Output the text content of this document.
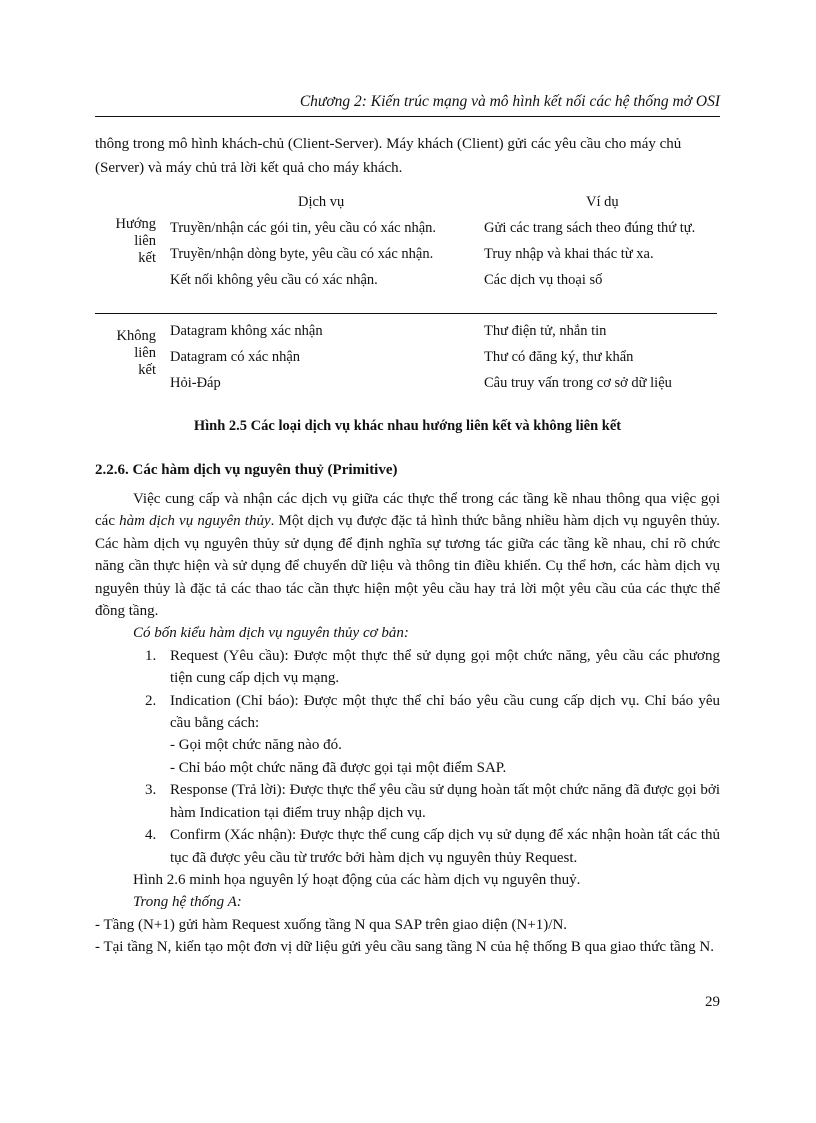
Chương 2: Kiến trúc mạng và mô hình kết nối các hệ thống mở OSI

thông trong mô hình khách-chủ (Client-Server). Máy khách (Client) gửi các yêu cầu cho máy chủ
(Server) và máy chủ trả lời kết quả cho máy khách.

Dịch vụ	Ví dụ
Hướng
liên
kết
Truyền/nhận các gói tin, yêu cầu có xác nhận.	Gửi các trang sách theo đúng thứ tự.
Truyền/nhận dòng byte, yêu cầu có xác nhận.	Truy nhập và khai thác từ xa.
Kết nối không yêu cầu có xác nhận.	Các dịch vụ thoại số
Không
liên
kết
Datagram không xác nhận	Thư điện tử, nhắn tin
Datagram có xác nhận	Thư có đăng ký, thư khẩn
Hỏi-Đáp	Câu truy vấn trong cơ sở dữ liệu
Hình 2.5 Các loại dịch vụ khác nhau hướng liên kết và không liên kết
2.2.6. Các hàm dịch vụ nguyên thuỷ (Primitive)

Việc cung cấp và nhận các dịch vụ giữa các thực thể trong các tầng kề nhau thông qua việc gọi các hàm dịch vụ nguyên thủy. Một dịch vụ được đặc tả hình thức bằng nhiều hàm dịch vụ nguyên thủy. Các hàm dịch vụ nguyên thủy sử dụng để định nghĩa sự tương tác giữa các tầng kề nhau, chỉ rõ chức năng cần thực hiện và sử dụng để chuyển dữ liệu và thông tin điều khiển. Cụ thể hơn, các hàm dịch vụ nguyên thủy là đặc tả các thao tác cần thực hiện một yêu cầu hay trả lời một yêu cầu của các thực thể đồng tầng.

Có bốn kiểu hàm dịch vụ nguyên thủy cơ bản:

1. Request (Yêu cầu): Được một thực thể sử dụng gọi một chức năng, yêu cầu các phương tiện cung cấp dịch vụ mạng.

2. Indication (Chỉ báo): Được một thực thể chỉ báo yêu cầu cung cấp dịch vụ. Chỉ báo yêu cầu bằng cách:

- Gọi một chức năng nào đó.

- Chỉ báo một chức năng đã được gọi tại một điểm SAP.

3. Response (Trả lời): Được thực thể yêu cầu sử dụng hoàn tất một chức năng đã được gọi bởi hàm Indication tại điểm truy nhập dịch vụ.

4. Confirm (Xác nhận): Được thực thể cung cấp dịch vụ sử dụng để xác nhận hoàn tất các thủ tục đã được yêu cầu từ trước bởi hàm dịch vụ nguyên thủy Request.

Hình 2.6 minh họa nguyên lý hoạt động của các hàm dịch vụ nguyên thuỷ.

Trong hệ thống A:

- Tầng (N+1) gửi hàm Request xuống tầng N qua SAP trên giao diện (N+1)/N.

- Tại tầng N, kiến tạo một đơn vị dữ liệu gửi yêu cầu sang tầng N của hệ thống B qua giao thức tầng N.

29
